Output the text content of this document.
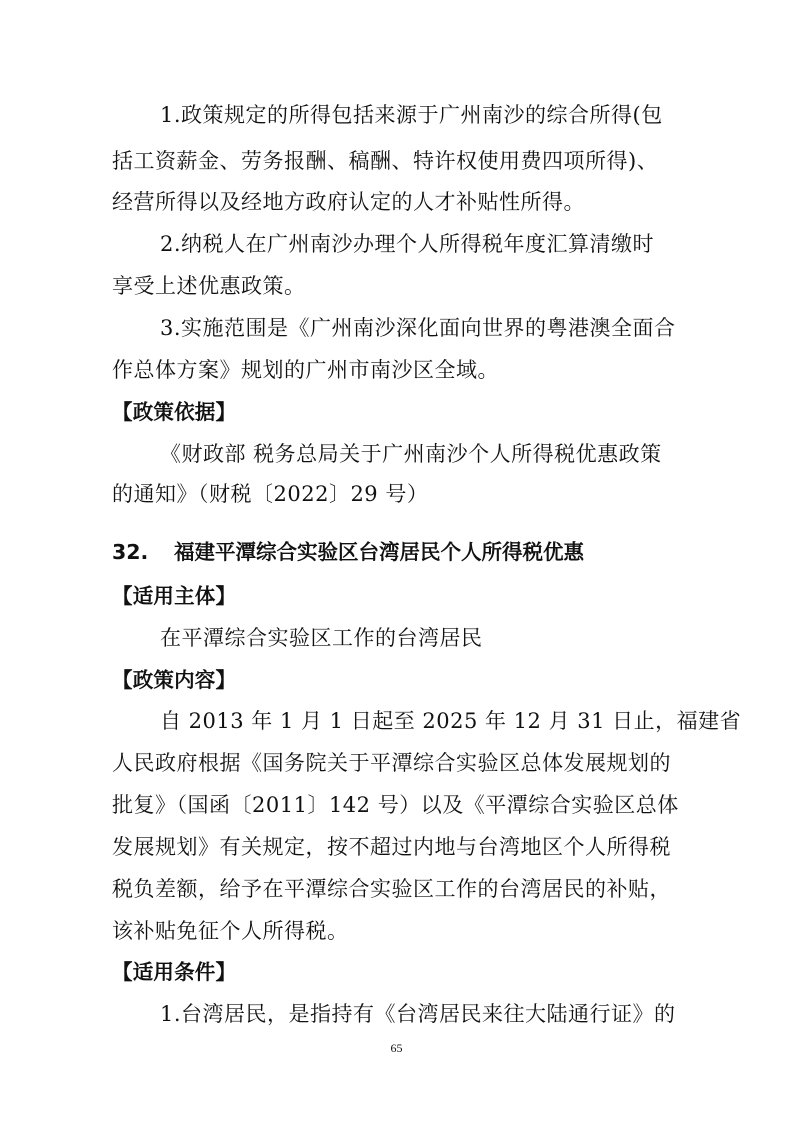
1.政策规定的所得包括来源于广州南沙的综合所得(包
括工资薪金、劳务报酬、稿酬、特许权使用费四项所得)、
经营所得以及经地方政府认定的人才补贴性所得。
2.纳税人在广州南沙办理个人所得税年度汇算清缴时
享受上述优惠政策。
3.实施范围是《广州南沙深化面向世界的粤港澳全面合
作总体方案》规划的广州市南沙区全域。
【政策依据】
《财政部 税务总局关于广州南沙个人所得税优惠政策
的通知》（财税〔2022〕29 号）
32. 福建平潭综合实验区台湾居民个人所得税优惠
【适用主体】
在平潭综合实验区工作的台湾居民
【政策内容】
自 2013 年 1 月 1 日起至 2025 年 12 月 31 日止，福建省
人民政府根据《国务院关于平潭综合实验区总体发展规划的
批复》（国函〔2011〕142 号）以及《平潭综合实验区总体
发展规划》有关规定，按不超过内地与台湾地区个人所得税
税负差额，给予在平潭综合实验区工作的台湾居民的补贴，
该补贴免征个人所得税。
【适用条件】
1.台湾居民，是指持有《台湾居民来往大陆通行证》的
65
